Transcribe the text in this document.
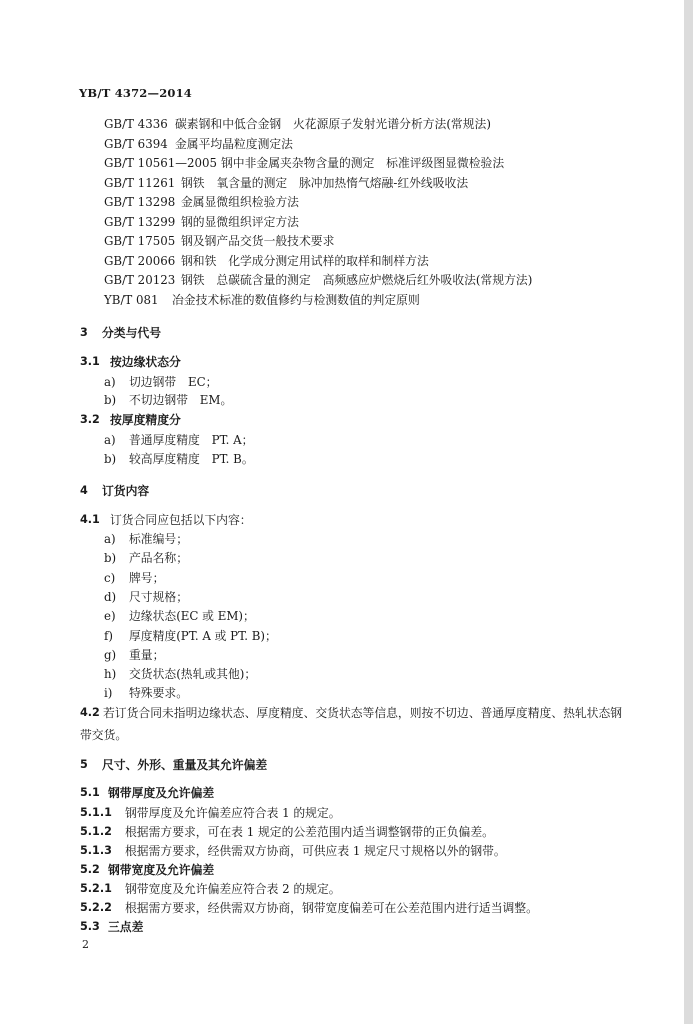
YB/T 4372—2014
GB/T 4336 碳素钢和中低合金钢　火花源原子发射光谱分析方法(常规法)
GB/T 6394 金属平均晶粒度测定法
GB/T 10561—2005 钢中非金属夹杂物含量的测定　标准评级图显微检验法
GB/T 11261 钢铁　氧含量的测定　脉冲加热惰气熔融-红外线吸收法
GB/T 13298 金属显微组织检验方法
GB/T 13299 钢的显微组织评定方法
GB/T 17505 钢及钢产品交货一般技术要求
GB/T 20066 钢和铁　化学成分测定用试样的取样和制样方法
GB/T 20123 钢铁　总碳硫含量的测定　高频感应炉燃烧后红外吸收法(常规方法)
YB/T 081 冶金技术标准的数值修约与检测数值的判定原则
3 分类与代号
3.1 按边缘状态分
a) 切边钢带　EC；
b) 不切边钢带　EM。
3.2 按厚度精度分
a) 普通厚度精度　PT. A；
b) 较高厚度精度　PT. B。
4 订货内容
4.1 订货合同应包括以下内容：
a) 标准编号；
b) 产品名称；
c) 牌号；
d) 尺寸规格；
e) 边缘状态(EC 或 EM)；
f) 厚度精度(PT. A 或 PT. B)；
g) 重量；
h) 交货状态(热轧或其他)；
i) 特殊要求。
4.2 若订货合同未指明边缘状态、厚度精度、交货状态等信息，则按不切边、普通厚度精度、热轧状态钢
带交货。
5 尺寸、外形、重量及其允许偏差
5.1 钢带厚度及允许偏差
5.1.1 钢带厚度及允许偏差应符合表 1 的规定。
5.1.2 根据需方要求，可在表 1 规定的公差范围内适当调整钢带的正负偏差。
5.1.3 根据需方要求，经供需双方协商，可供应表 1 规定尺寸规格以外的钢带。
5.2 钢带宽度及允许偏差
5.2.1 钢带宽度及允许偏差应符合表 2 的规定。
5.2.2 根据需方要求，经供需双方协商，钢带宽度偏差可在公差范围内进行适当调整。
5.3 三点差
2
